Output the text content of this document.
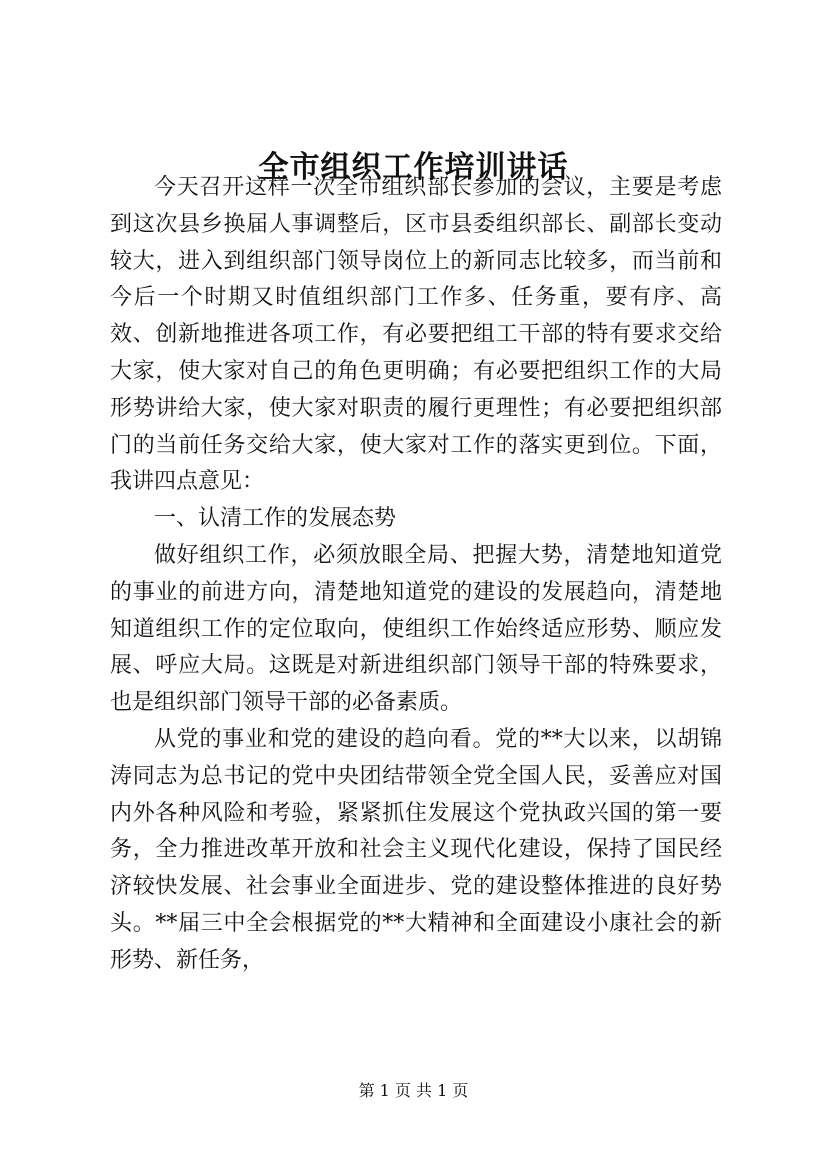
全市组织工作培训讲话

今天召开这样一次全市组织部长参加的会议，主要是考虑到这次县乡换届人事调整后，区市县委组织部长、副部长变动较大，进入到组织部门领导岗位上的新同志比较多，而当前和今后一个时期又时值组织部门工作多、任务重，要有序、高效、创新地推进各项工作，有必要把组工干部的特有要求交给大家，使大家对自己的角色更明确；有必要把组织工作的大局形势讲给大家，使大家对职责的履行更理性；有必要把组织部门的当前任务交给大家，使大家对工作的落实更到位。下面，我讲四点意见：

一、认清工作的发展态势

做好组织工作，必须放眼全局、把握大势，清楚地知道党的事业的前进方向，清楚地知道党的建设的发展趋向，清楚地知道组织工作的定位取向，使组织工作始终适应形势、顺应发展、呼应大局。这既是对新进组织部门领导干部的特殊要求，也是组织部门领导干部的必备素质。

从党的事业和党的建设的趋向看。党的**大以来，以胡锦涛同志为总书记的党中央团结带领全党全国人民，妥善应对国内外各种风险和考验，紧紧抓住发展这个党执政兴国的第一要务，全力推进改革开放和社会主义现代化建设，保持了国民经济较快发展、社会事业全面进步、党的建设整体推进的良好势头。**届三中全会根据党的**大精神和全面建设小康社会的新形势、新任务，

第 1 页 共 1 页
